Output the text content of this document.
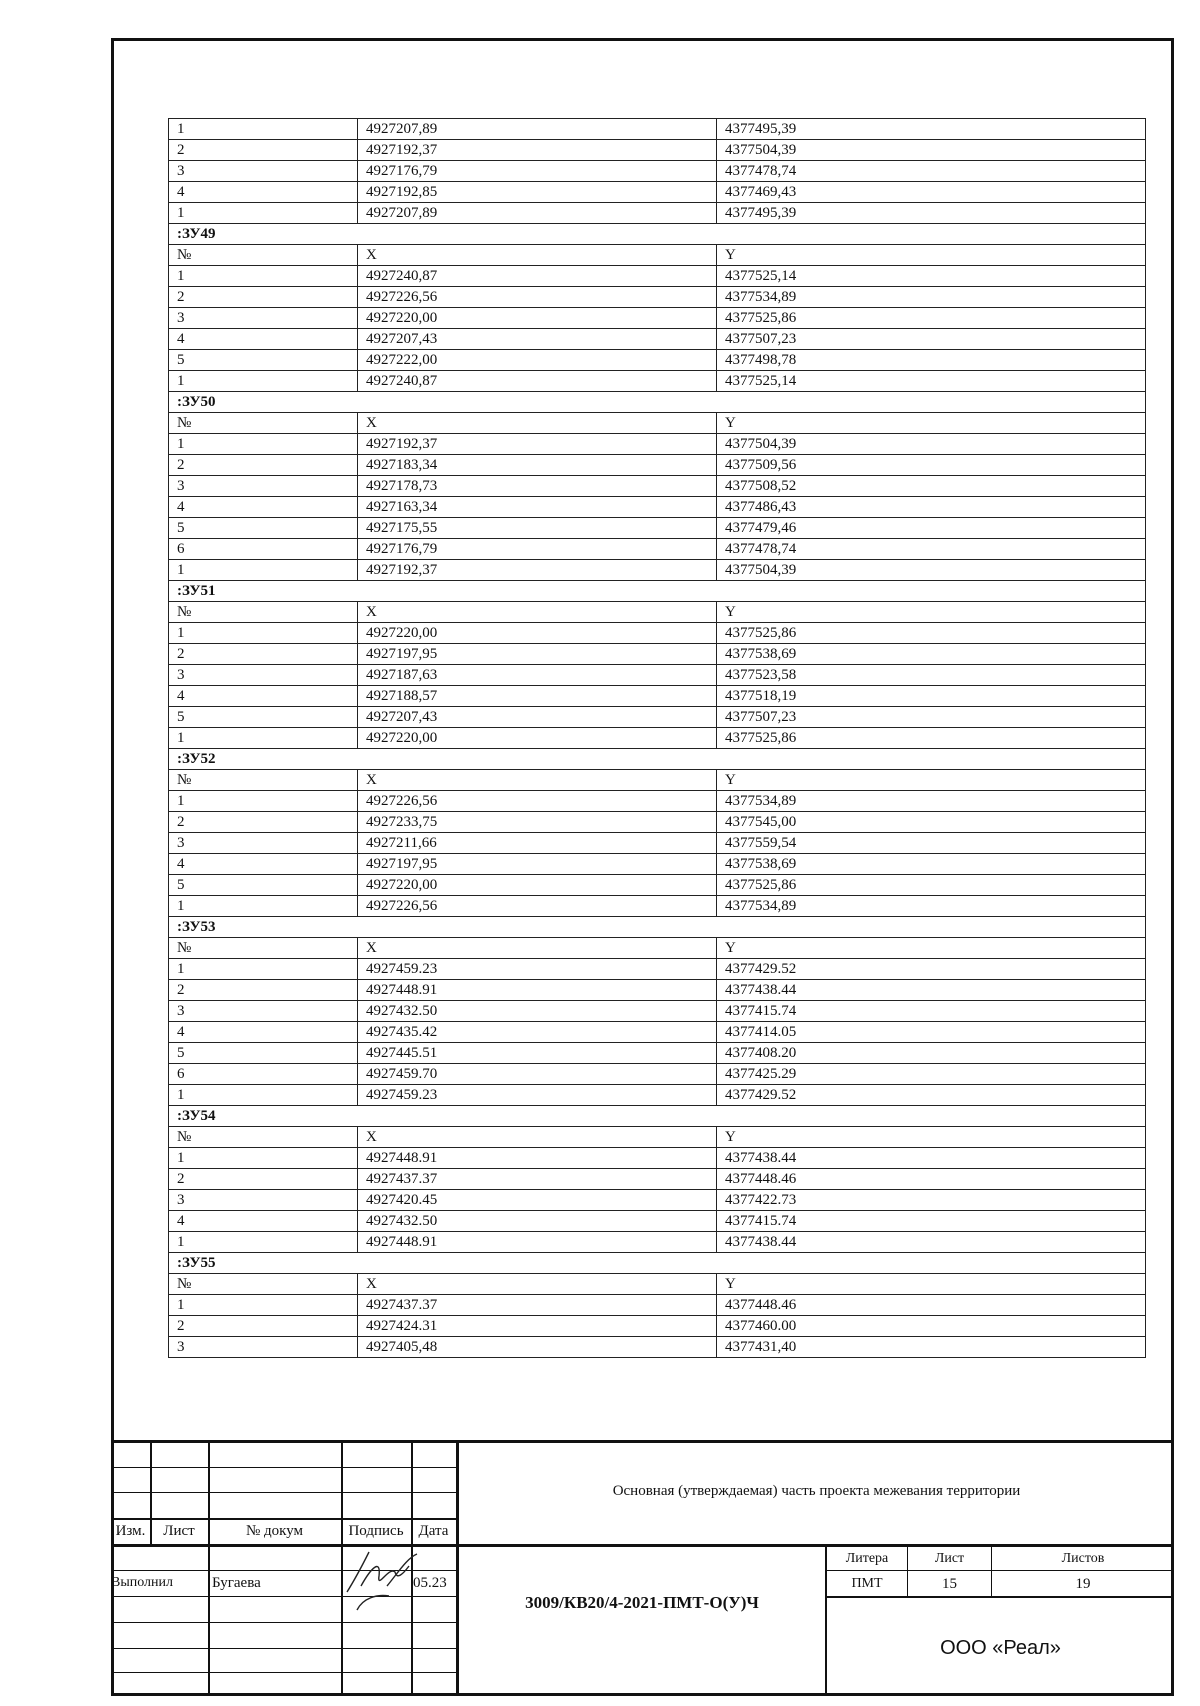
1	4927207,89	4377495,39
2	4927192,37	4377504,39
3	4927176,79	4377478,74
4	4927192,85	4377469,43
1	4927207,89	4377495,39
:ЗУ49		
№	X	Y
1	4927240,87	4377525,14
2	4927226,56	4377534,89
3	4927220,00	4377525,86
4	4927207,43	4377507,23
5	4927222,00	4377498,78
1	4927240,87	4377525,14
:ЗУ50		
№	X	Y
1	4927192,37	4377504,39
2	4927183,34	4377509,56
3	4927178,73	4377508,52
4	4927163,34	4377486,43
5	4927175,55	4377479,46
6	4927176,79	4377478,74
1	4927192,37	4377504,39
:ЗУ51		
№	X	Y
1	4927220,00	4377525,86
2	4927197,95	4377538,69
3	4927187,63	4377523,58
4	4927188,57	4377518,19
5	4927207,43	4377507,23
1	4927220,00	4377525,86
:ЗУ52		
№	X	Y
1	4927226,56	4377534,89
2	4927233,75	4377545,00
3	4927211,66	4377559,54
4	4927197,95	4377538,69
5	4927220,00	4377525,86
1	4927226,56	4377534,89
:ЗУ53		
№	X	Y
1	4927459.23	4377429.52
2	4927448.91	4377438.44
3	4927432.50	4377415.74
4	4927435.42	4377414.05
5	4927445.51	4377408.20
6	4927459.70	4377425.29
1	4927459.23	4377429.52
:ЗУ54		
№	X	Y
1	4927448.91	4377438.44
2	4927437.37	4377448.46
3	4927420.45	4377422.73
4	4927432.50	4377415.74
1	4927448.91	4377438.44
:ЗУ55		
№	X	Y
1	4927437.37	4377448.46
2	4927424.31	4377460.00
3	4927405,48	4377431,40
Изм.	Лист	№ докум	Подпись	Дата
Выполнил	Бугаева	05.23
Основная (утверждаемая) часть проекта межевания территории
3009/КВ20/4-2021-ПМТ-О(У)Ч
Литера	Лист	Листов
ПМТ	15	19
ООО «Реал»
